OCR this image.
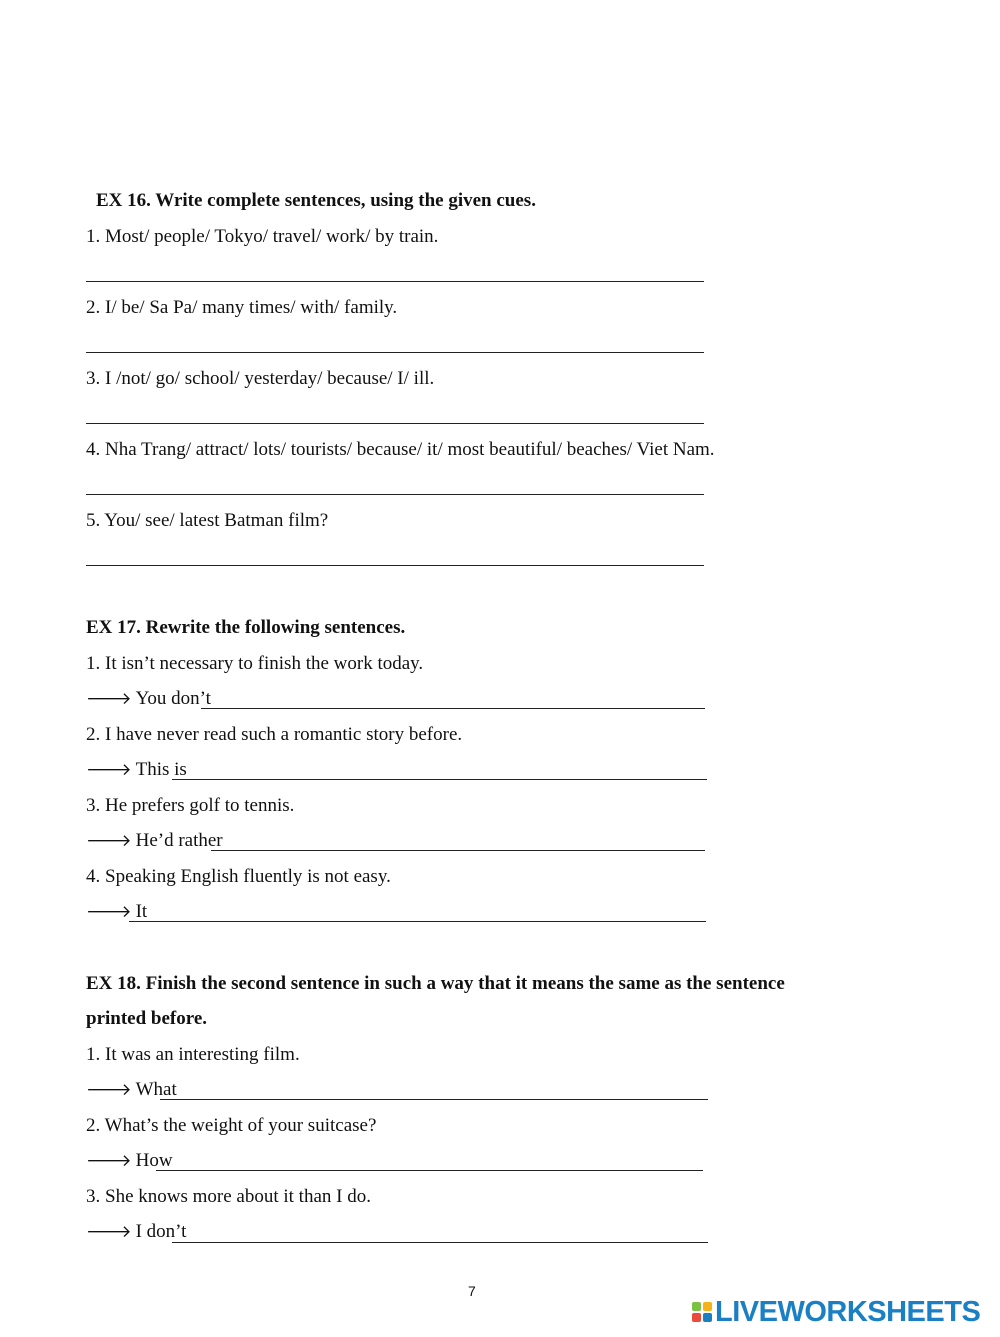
EX 16. Write complete sentences, using the given cues.
1. Most/ people/ Tokyo/ travel/ work/ by train.
2. I/ be/ Sa Pa/ many times/ with/ family.
3. I /not/ go/ school/ yesterday/ because/ I/ ill.
4. Nha Trang/ attract/ lots/ tourists/ because/ it/ most beautiful/ beaches/ Viet Nam.
5. You/ see/ latest Batman film?
EX 17. Rewrite the following sentences.
1. It isn’t necessary to finish the work today.
🡒 You don’t
2. I have never read such a romantic story before.
🡒 This is
3. He prefers golf to tennis.
🡒 He’d rather
4. Speaking English fluently is not easy.
🡒 It
EX 18. Finish the second sentence in such a way that it means the same as the sentence
printed before.
1. It was an interesting film.
🡒 What
2. What’s the weight of your suitcase?
🡒 How
3. She knows more about it than I do.
🡒 I don’t
7
LIVEWORKSHEETS
